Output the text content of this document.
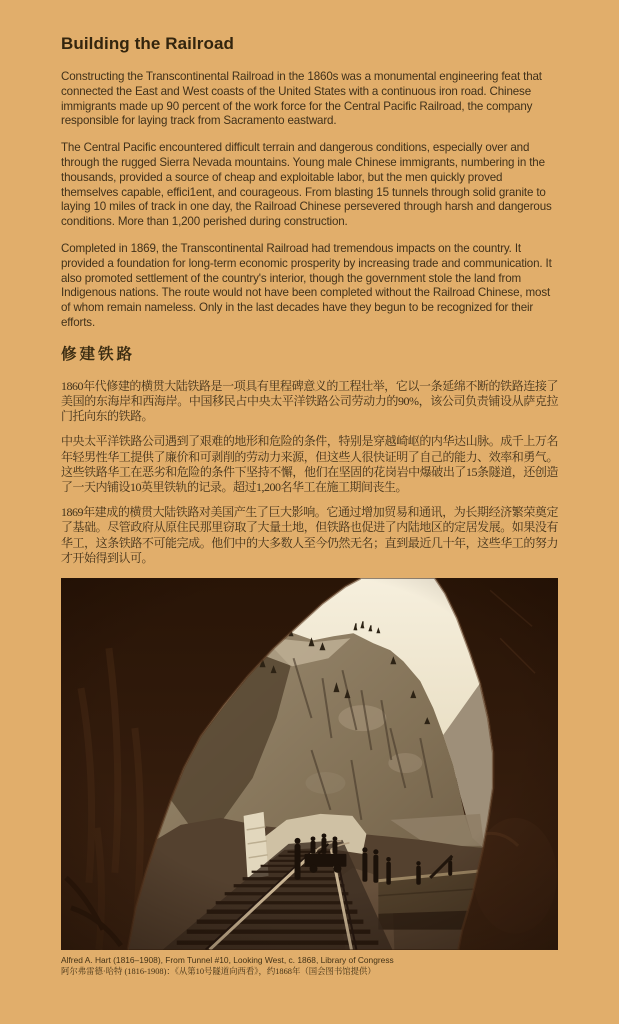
Building the Railroad

Constructing the Transcontinental Railroad in the 1860s was a monumental engineering feat that connected the East and West coasts of the United States with a continuous iron road. Chinese immigrants made up 90 percent of the work force for the Central Pacific Railroad, the company responsible for laying track from Sacramento eastward.

The Central Pacific encountered difficult terrain and dangerous conditions, especially over and through the rugged Sierra Nevada mountains. Young male Chinese immigrants, numbering in the thousands, provided a source of cheap and exploitable labor, but the men quickly proved themselves capable, effici1ent, and courageous. From blasting 15 tunnels through solid granite to laying 10 miles of track in one day, the Railroad Chinese persevered through harsh and dangerous conditions. More than 1,200 perished during construction.

Completed in 1869, the Transcontinental Railroad had tremendous impacts on the country. It provided a foundation for long-term economic prosperity by increasing trade and communication. It also promoted settlement of the country's interior, though the government stole the land from Indigenous nations. The route would not have been completed without the Railroad Chinese, most of whom remain nameless. Only in the last decades have they begun to be recognized for their efforts.

修建铁路

1860年代修建的横贯大陆铁路是一项具有里程碑意义的工程壮举，它以一条延绵不断的铁路连接了美国的东海岸和西海岸。中国移民占中央太平洋铁路公司劳动力的90%，该公司负责铺设从萨克拉门托向东的铁路。

中央太平洋铁路公司遇到了艰难的地形和危险的条件，特别是穿越崎岖的内华达山脉。成千上万名年轻男性华工提供了廉价和可剥削的劳动力来源，但这些人很快证明了自己的能力、效率和勇气。这些铁路华工在恶劣和危险的条件下坚持不懈，他们在坚固的花岗岩中爆破出了15条隧道，还创造了一天内铺设10英里铁轨的记录。超过1,200名华工在施工期间丧生。

1869年建成的横贯大陆铁路对美国产生了巨大影响。它通过增加贸易和通讯，为长期经济繁荣奠定了基础。尽管政府从原住民那里窃取了大量土地，但铁路也促进了内陆地区的定居发展。如果没有华工，这条铁路不可能完成。他们中的大多数人至今仍然无名；直到最近几十年，这些华工的努力才开始得到认可。

Alfred A. Hart (1816–1908), From Tunnel #10, Looking West, c. 1868, Library of Congress
阿尔弗雷德·哈特 (1816-1908)：《从第10号隧道向西看》，约1868年（国会图书馆提供）
